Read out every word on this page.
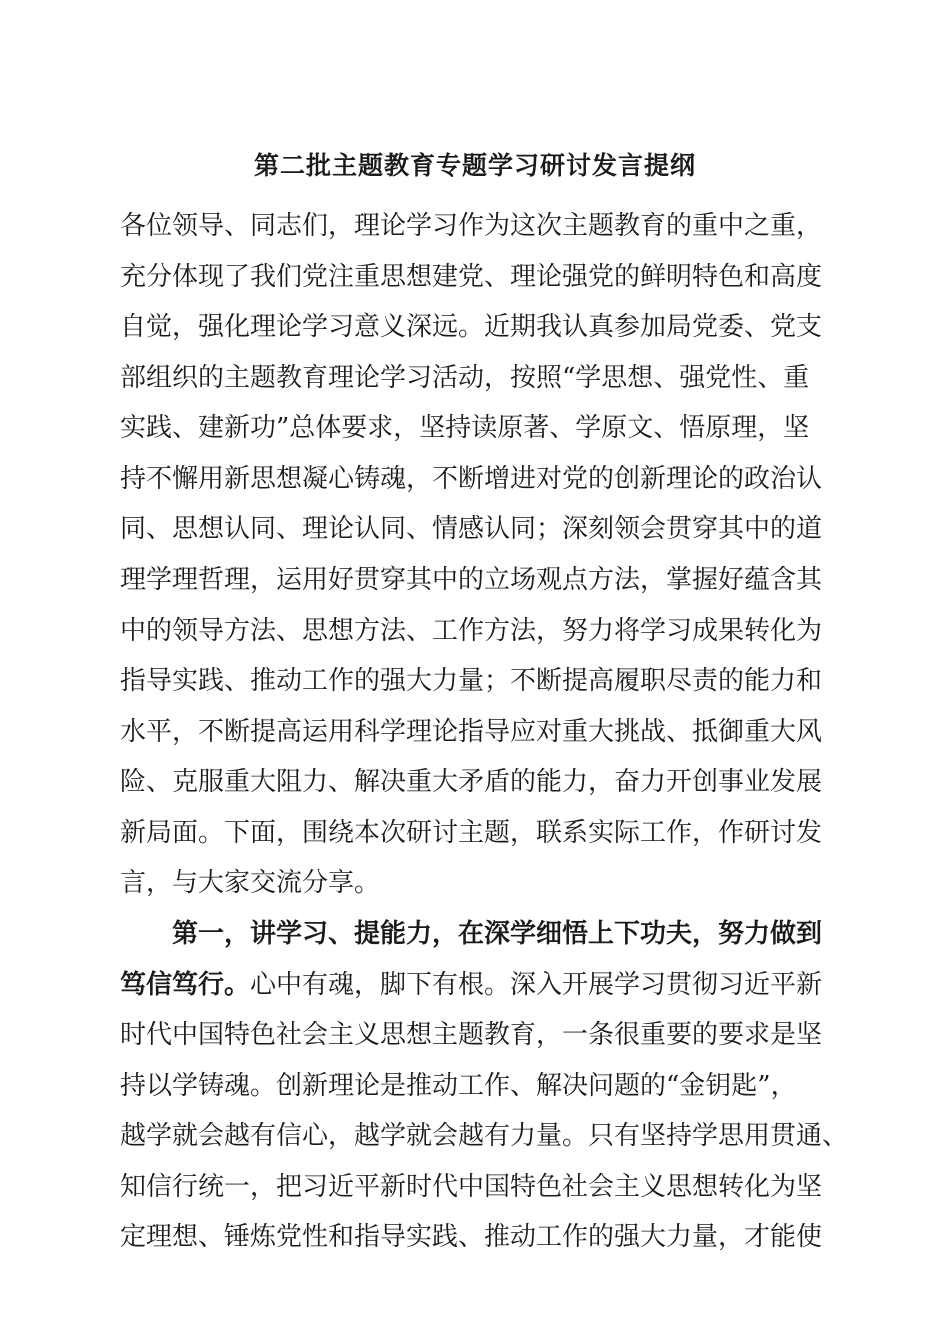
第二批主题教育专题学习研讨发言提纲

各位领导、同志们，理论学习作为这次主题教育的重中之重，

充分体现了我们党注重思想建党、理论强党的鲜明特色和高度

自觉，强化理论学习意义深远。近期我认真参加局党委、党支

部组织的主题教育理论学习活动，按照“学思想、强党性、重

实践、建新功”总体要求，坚持读原著、学原文、悟原理，坚

持不懈用新思想凝心铸魂，不断增进对党的创新理论的政治认

同、思想认同、理论认同、情感认同；深刻领会贯穿其中的道

理学理哲理，运用好贯穿其中的立场观点方法，掌握好蕴含其

中的领导方法、思想方法、工作方法，努力将学习成果转化为

指导实践、推动工作的强大力量；不断提高履职尽责的能力和

水平，不断提高运用科学理论指导应对重大挑战、抵御重大风

险、克服重大阻力、解决重大矛盾的能力，奋力开创事业发展

新局面。下面，围绕本次研讨主题，联系实际工作，作研讨发

言，与大家交流分享。

第一，讲学习、提能力，在深学细悟上下功夫，努力做到

笃信笃行。心中有魂，脚下有根。深入开展学习贯彻习近平新

时代中国特色社会主义思想主题教育，一条很重要的要求是坚

持以学铸魂。创新理论是推动工作、解决问题的“金钥匙”，

越学就会越有信心，越学就会越有力量。只有坚持学思用贯通、

知信行统一，把习近平新时代中国特色社会主义思想转化为坚

定理想、锤炼党性和指导实践、推动工作的强大力量，才能使
